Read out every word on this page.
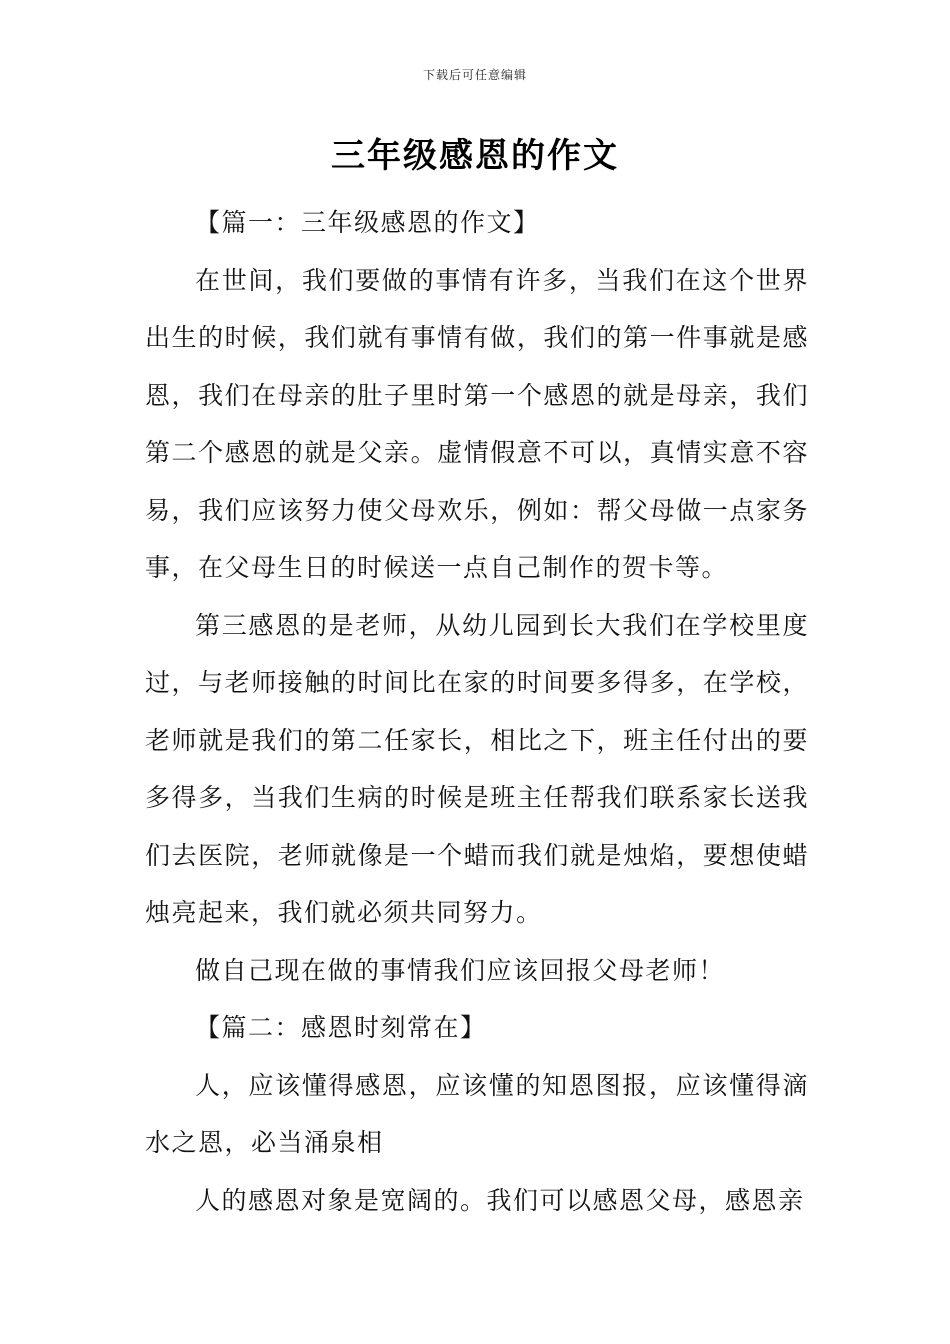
下载后可任意编辑
三年级感恩的作文

【篇一：三年级感恩的作文】

在世间，我们要做的事情有许多，当我们在这个世界出生的时候，我们就有事情有做，我们的第一件事就是感恩，我们在母亲的肚子里时第一个感恩的就是母亲，我们第二个感恩的就是父亲。虚情假意不可以，真情实意不容易，我们应该努力使父母欢乐，例如：帮父母做一点家务事，在父母生日的时候送一点自己制作的贺卡等。

第三感恩的是老师，从幼儿园到长大我们在学校里度过，与老师接触的时间比在家的时间要多得多，在学校，老师就是我们的第二任家长，相比之下，班主任付出的要多得多，当我们生病的时候是班主任帮我们联系家长送我们去医院，老师就像是一个蜡而我们就是烛焰，要想使蜡烛亮起来，我们就必须共同努力。

做自己现在做的事情我们应该回报父母老师！

【篇二：感恩时刻常在】

人，应该懂得感恩，应该懂的知恩图报，应该懂得滴水之恩，必当涌泉相

人的感恩对象是宽阔的。我们可以感恩父母，感恩亲
